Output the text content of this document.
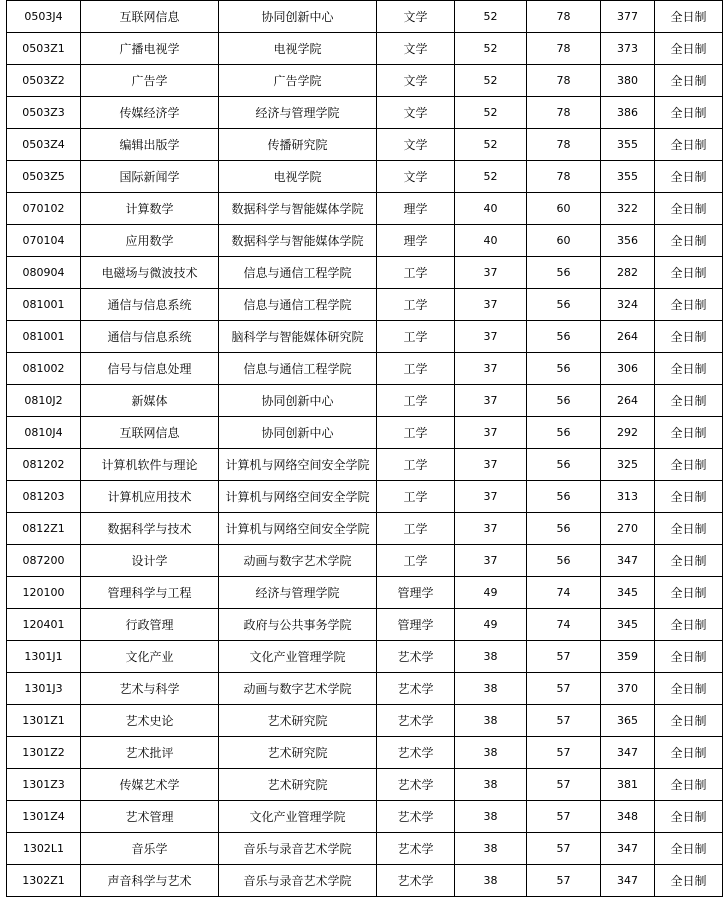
0503J4	互联网信息	协同创新中心	文学	52	78	377	全日制
0503Z1	广播电视学	电视学院	文学	52	78	373	全日制
0503Z2	广告学	广告学院	文学	52	78	380	全日制
0503Z3	传媒经济学	经济与管理学院	文学	52	78	386	全日制
0503Z4	编辑出版学	传播研究院	文学	52	78	355	全日制
0503Z5	国际新闻学	电视学院	文学	52	78	355	全日制
070102	计算数学	数据科学与智能媒体学院	理学	40	60	322	全日制
070104	应用数学	数据科学与智能媒体学院	理学	40	60	356	全日制
080904	电磁场与微波技术	信息与通信工程学院	工学	37	56	282	全日制
081001	通信与信息系统	信息与通信工程学院	工学	37	56	324	全日制
081001	通信与信息系统	脑科学与智能媒体研究院	工学	37	56	264	全日制
081002	信号与信息处理	信息与通信工程学院	工学	37	56	306	全日制
0810J2	新媒体	协同创新中心	工学	37	56	264	全日制
0810J4	互联网信息	协同创新中心	工学	37	56	292	全日制
081202	计算机软件与理论	计算机与网络空间安全学院	工学	37	56	325	全日制
081203	计算机应用技术	计算机与网络空间安全学院	工学	37	56	313	全日制
0812Z1	数据科学与技术	计算机与网络空间安全学院	工学	37	56	270	全日制
087200	设计学	动画与数字艺术学院	工学	37	56	347	全日制
120100	管理科学与工程	经济与管理学院	管理学	49	74	345	全日制
120401	行政管理	政府与公共事务学院	管理学	49	74	345	全日制
1301J1	文化产业	文化产业管理学院	艺术学	38	57	359	全日制
1301J3	艺术与科学	动画与数字艺术学院	艺术学	38	57	370	全日制
1301Z1	艺术史论	艺术研究院	艺术学	38	57	365	全日制
1301Z2	艺术批评	艺术研究院	艺术学	38	57	347	全日制
1301Z3	传媒艺术学	艺术研究院	艺术学	38	57	381	全日制
1301Z4	艺术管理	文化产业管理学院	艺术学	38	57	348	全日制
1302L1	音乐学	音乐与录音艺术学院	艺术学	38	57	347	全日制
1302Z1	声音科学与艺术	音乐与录音艺术学院	艺术学	38	57	347	全日制
